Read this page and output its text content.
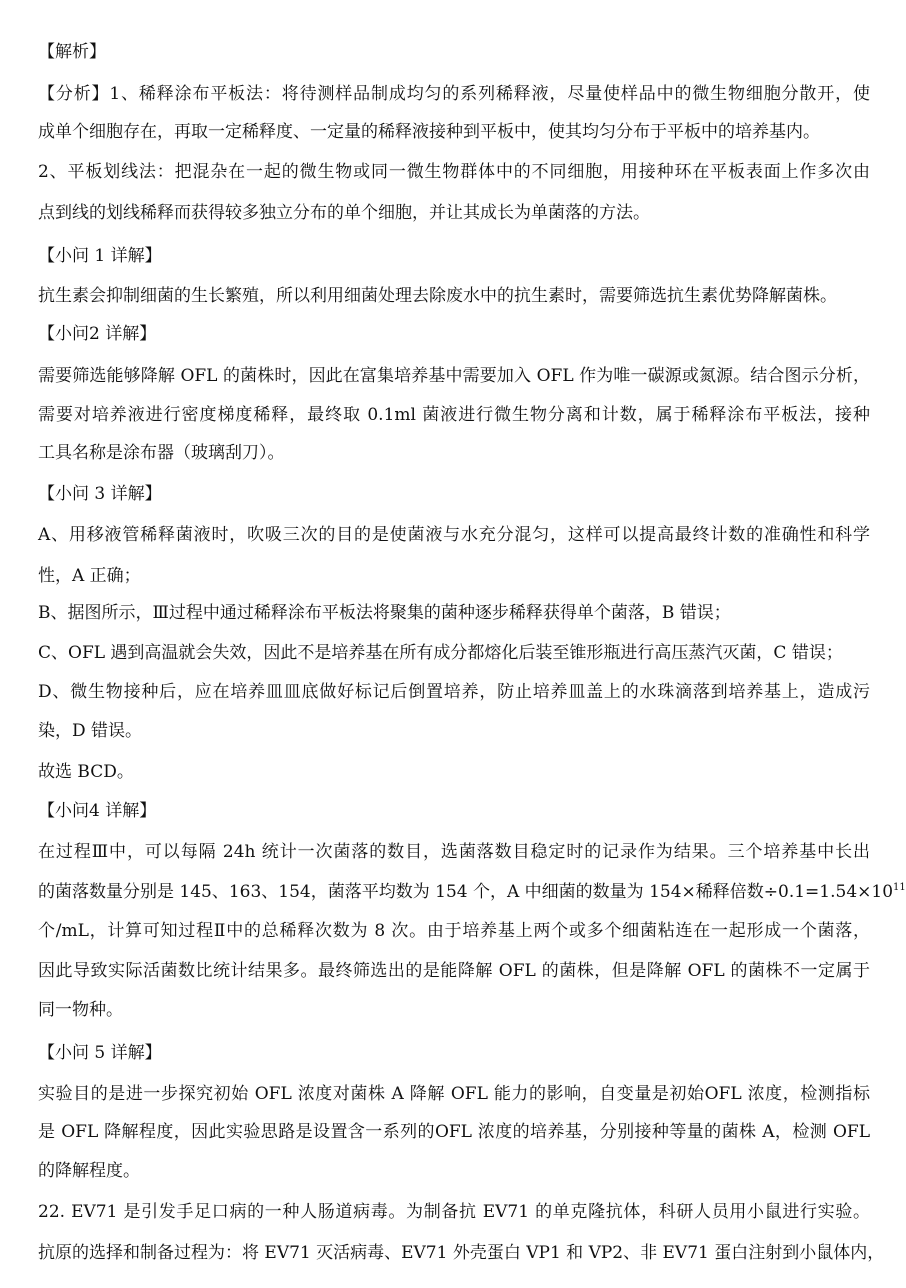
【解析】
【分析】1、稀释涂布平板法：将待测样品制成均匀的系列稀释液，尽量使样品中的微生物细胞分散开，使
成单个细胞存在，再取一定稀释度、一定量的稀释液接种到平板中，使其均匀分布于平板中的培养基内。
2、平板划线法：把混杂在一起的微生物或同一微生物群体中的不同细胞，用接种环在平板表面上作多次由
点到线的划线稀释而获得较多独立分布的单个细胞，并让其成长为单菌落的方法。
【小问 1 详解】
抗生素会抑制细菌的生长繁殖，所以利用细菌处理去除废水中的抗生素时，需要筛选抗生素优势降解菌株。
【小问2 详解】
需要筛选能够降解 OFL 的菌株时，因此在富集培养基中需要加入 OFL 作为唯一碳源或氮源。结合图示分析，
需要对培养液进行密度梯度稀释，最终取 0.1ml 菌液进行微生物分离和计数，属于稀释涂布平板法，接种
工具名称是涂布器（玻璃刮刀）。
【小问 3 详解】
A、用移液管稀释菌液时，吹吸三次的目的是使菌液与水充分混匀，这样可以提高最终计数的准确性和科学
性，A 正确；
B、据图所示，Ⅲ过程中通过稀释涂布平板法将聚集的菌种逐步稀释获得单个菌落，B 错误；
C、OFL 遇到高温就会失效，因此不是培养基在所有成分都熔化后装至锥形瓶进行高压蒸汽灭菌，C 错误；
D、微生物接种后，应在培养皿皿底做好标记后倒置培养，防止培养皿盖上的水珠滴落到培养基上，造成污
染，D 错误。
故选 BCD。
【小问4 详解】
在过程Ⅲ中，可以每隔 24h 统计一次菌落的数目，选菌落数目稳定时的记录作为结果。三个培养基中长出
的菌落数量分别是 145、163、154，菌落平均数为 154 个，A 中细菌的数量为 154×稀释倍数$\div 0.1=1.54\times 10^{11}$
个/mL，计算可知过程Ⅱ中的总稀释次数为 8 次。由于培养基上两个或多个细菌粘连在一起形成一个菌落，
因此导致实际活菌数比统计结果多。最终筛选出的是能降解 OFL 的菌株，但是降解 OFL 的菌株不一定属于
同一物种。
【小问 5 详解】
实验目的是进一步探究初始 OFL 浓度对菌株 A 降解 OFL 能力的影响，自变量是初始OFL 浓度，检测指标
是 OFL 降解程度，因此实验思路是设置含一系列的OFL 浓度的培养基，分别接种等量的菌株 A，检测 OFL
的降解程度。
22. EV71 是引发手足口病的一种人肠道病毒。为制备抗 EV71 的单克隆抗体，科研人员用小鼠进行实验。
抗原的选择和制备过程为：将 EV71 灭活病毒、EV71 外壳蛋白 VP1 和 VP2、非 EV71 蛋白注射到小鼠体内，
